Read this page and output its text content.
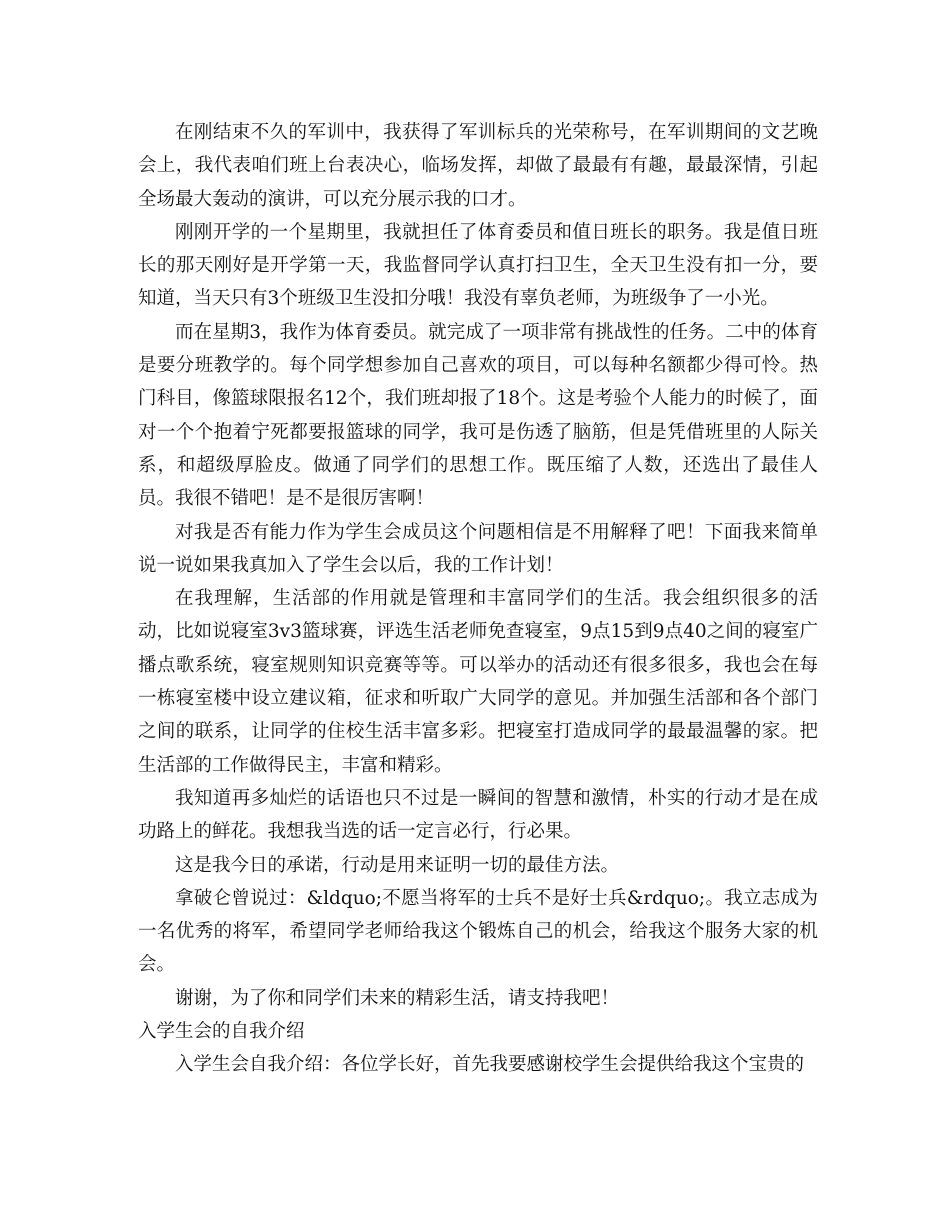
在刚结束不久的军训中，我获得了军训标兵的光荣称号，在军训期间的文艺晚会上，我代表咱们班上台表决心，临场发挥，却做了最最有有趣，最最深情，引起全场最大轰动的演讲，可以充分展示我的口才。

刚刚开学的一个星期里，我就担任了体育委员和值日班长的职务。我是值日班长的那天刚好是开学第一天，我监督同学认真打扫卫生，全天卫生没有扣一分，要知道，当天只有3个班级卫生没扣分哦！我没有辜负老师，为班级争了一小光。

而在星期3，我作为体育委员。就完成了一项非常有挑战性的任务。二中的体育是要分班教学的。每个同学想参加自己喜欢的项目，可以每种名额都少得可怜。热门科目，像篮球限报名12个，我们班却报了18个。这是考验个人能力的时候了，面对一个个抱着宁死都要报篮球的同学，我可是伤透了脑筋，但是凭借班里的人际关系，和超级厚脸皮。做通了同学们的思想工作。既压缩了人数，还选出了最佳人员。我很不错吧！是不是很厉害啊！

对我是否有能力作为学生会成员这个问题相信是不用解释了吧！下面我来简单说一说如果我真加入了学生会以后，我的工作计划！

在我理解，生活部的作用就是管理和丰富同学们的生活。我会组织很多的活动，比如说寝室3v3篮球赛，评选生活老师免查寝室，9点15到9点40之间的寝室广播点歌系统，寝室规则知识竞赛等等。可以举办的活动还有很多很多，我也会在每一栋寝室楼中设立建议箱，征求和听取广大同学的意见。并加强生活部和各个部门之间的联系，让同学的住校生活丰富多彩。把寝室打造成同学的最最温馨的家。把生活部的工作做得民主，丰富和精彩。

我知道再多灿烂的话语也只不过是一瞬间的智慧和激情，朴实的行动才是在成功路上的鲜花。我想我当选的话一定言必行，行必果。

这是我今日的承诺，行动是用来证明一切的最佳方法。

拿破仑曾说过：&ldquo;不愿当将军的士兵不是好士兵&rdquo;。我立志成为一名优秀的将军，希望同学老师给我这个锻炼自己的机会，给我这个服务大家的机会。

谢谢，为了你和同学们未来的精彩生活，请支持我吧！

入学生会的自我介绍

入学生会自我介绍：各位学长好，首先我要感谢校学生会提供给我这个宝贵的
